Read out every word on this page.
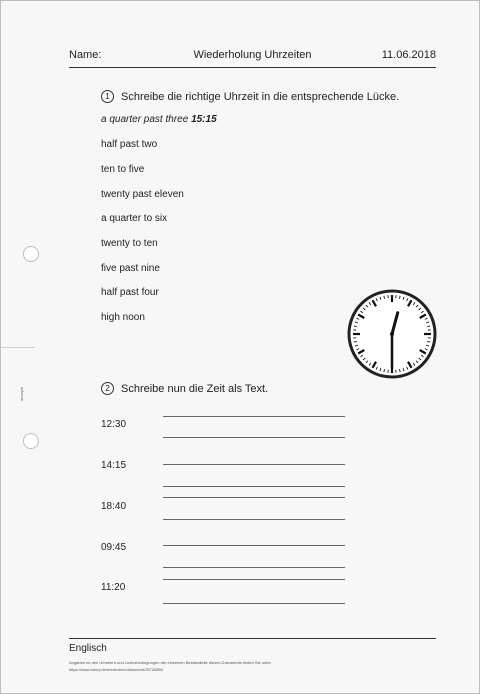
anonym
Name:	Wiederholung Uhrzeiten	11.06.2018
1	Schreibe die richtige Uhrzeit in die entsprechende Lücke.
a quarter past three 15:15
half past two
ten to five
twenty past eleven
a quarter to six
twenty to ten
five past nine
half past four
high noon
2	Schreibe nun die Zeit als Text.
12:30
14:15
18:40
09:45
11:20
Englisch
Angaben zu den Urhebern und Lizenzbedingungen der einzelnen Bestandteile dieses Dokuments finden Sie unter
https://www.tutory.de/entdecken/dokument/25726850
